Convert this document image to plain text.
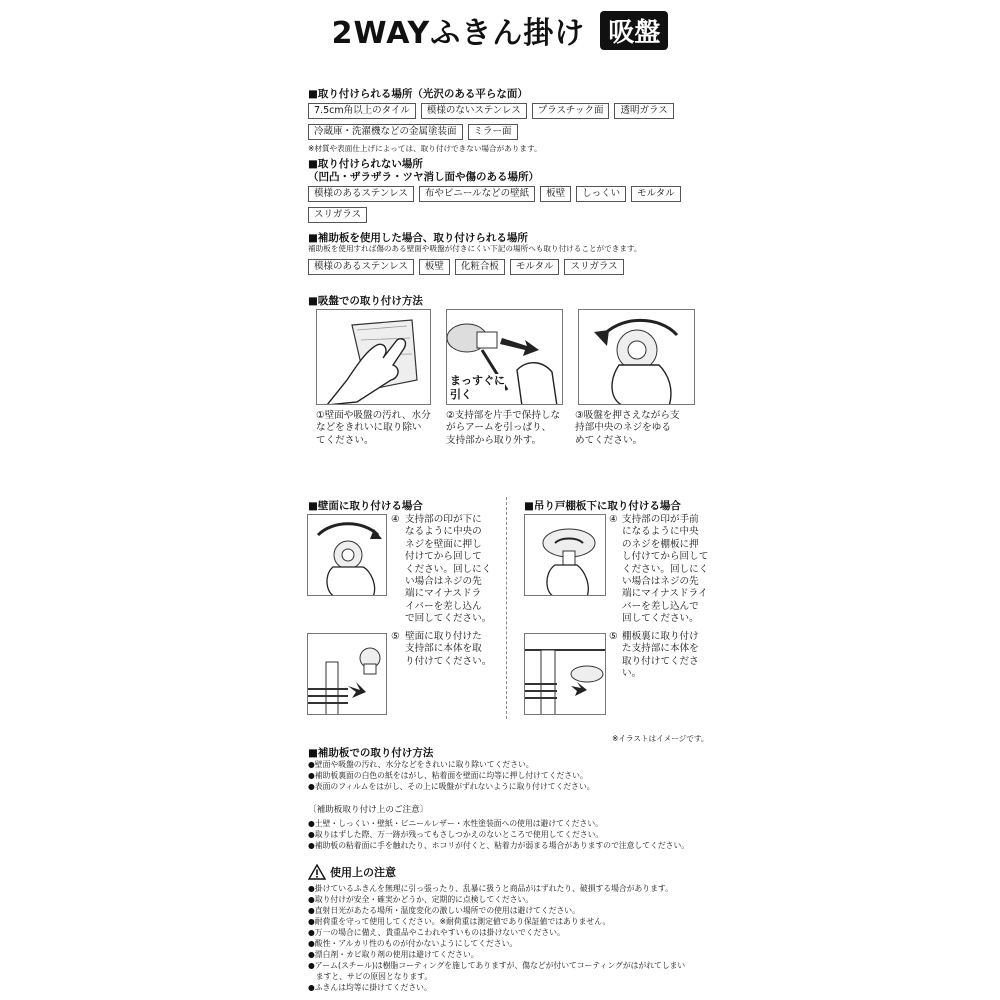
2WAYふきん掛け 吸盤
■取り付けられる場所（光沢のある平らな面）
7.5cm角以上のタイル	模様のないステンレス	プラスチック面	透明ガラス
冷蔵庫・洗濯機などの金属塗装面	ミラー面
※材質や表面仕上げによっては、取り付けできない場合があります。
■取り付けられない場所
（凹凸・ザラザラ・ツヤ消し面や傷のある場所）
模様のあるステンレス	布やビニールなどの壁紙	板壁	しっくい	モルタル
スリガラス
■補助板を使用した場合、取り付けられる場所
補助板を使用すれば傷のある壁面や吸盤が付きにくい下記の場所へも取り付けることができます。
模様のあるステンレス	板壁	化粧合板	モルタル	スリガラス
■吸盤での取り付け方法
まっすぐに
引く
①壁面や吸盤の汚れ、水分
などをきれいに取り除い
てください。
②支持部を片手で保持しな
がらアームを引っぱり、
支持部から取り外す。
③吸盤を押さえながら支
持部中央のネジをゆる
めてください。
■壁面に取り付ける場合
④ 支持部の印が下に
なるように中央の
ネジを壁面に押し
付けてから回して
ください。回しにく
い場合はネジの先
端にマイナスドラ
イバーを差し込ん
で回してください。
⑤ 壁面に取り付けた
支持部に本体を取
り付けてください。
■吊り戸棚板下に取り付ける場合
④ 支持部の印が手前
になるように中央
のネジを棚板に押
し付けてから回して
ください。回しにく
い場合はネジの先
端にマイナスドライ
バーを差し込んで
回してください。
⑤ 棚板裏に取り付け
た支持部に本体を
取り付けてくださ
い。
※イラストはイメージです。
■補助板での取り付け方法
●壁面や吸盤の汚れ、水分などをきれいに取り除いてください。
●補助板裏面の白色の紙をはがし、粘着面を壁面に均等に押し付けてください。
●表面のフィルムをはがし、その上に吸盤がずれないように取り付けてください。
〔補助板取り付け上のご注意〕
●土壁・しっくい・壁紙・ビニールレザー・水性塗装面への使用は避けてください。
●取りはずした際、万一跡が残ってもさしつかえのないところで使用してください。
●補助板の粘着面に手を触れたり、ホコリが付くと、粘着力が弱まる場合がありますので注意してください。
使用上の注意
●掛けているふきんを無理に引っ張ったり、乱暴に扱うと商品がはずれたり、破損する場合があります。
●取り付けが安全・確実かどうか、定期的に点検してください。
●直射日光があたる場所・温度変化の激しい場所での使用は避けてください。
●耐荷重を守って使用してください。※耐荷重は測定値であり保証値ではありません。
●万一の場合に備え、貴重品やこわれやすいものは掛けないでください。
●酸性・アルカリ性のものが付かないようにしてください。
●漂白剤・カビ取り剤の使用は避けてください。
●アーム(スチール)は樹脂コーティングを施してありますが、傷などが付いてコーティングがはがれてしまい
　ますと、サビの原因となります。
●ふきんは均等に掛けてください。
